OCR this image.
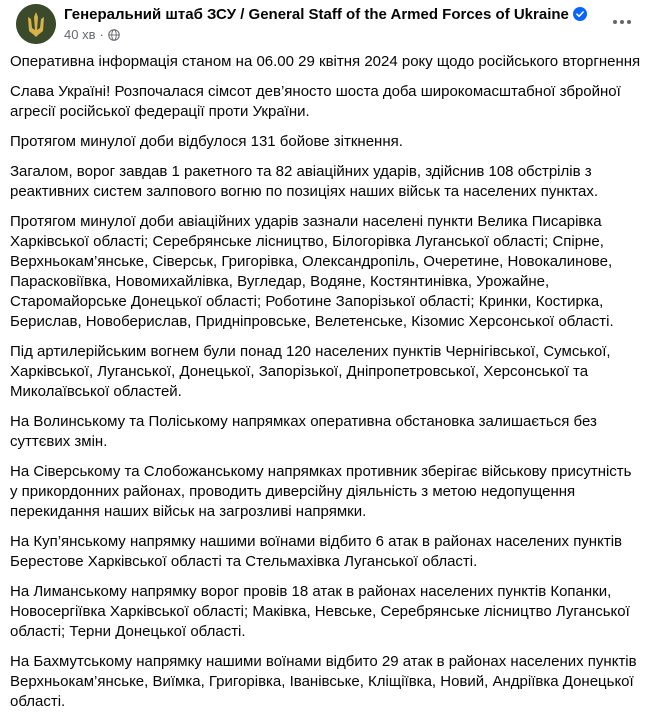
Генеральний штаб ЗСУ / General Staff of the Armed Forces of Ukraine
40 хв ·

Оперативна інформація станом на 06.00 29 квітня 2024 року щодо російського вторгнення

Слава Україні! Розпочалася сімсот дев’яносто шоста доба широкомасштабної збройної агресії російської федерації проти України.

Протягом минулої доби відбулося 131 бойове зіткнення.

Загалом, ворог завдав 1 ракетного та 82 авіаційних ударів, здійснив 108 обстрілів з реактивних систем залпового вогню по позиціях наших військ та населених пунктах.

Протягом минулої доби авіаційних ударів зазнали населені пункти Велика Писарівка Харківської області; Серебрянське лісництво, Білогорівка Луганської області; Спірне, Верхньокам’янське, Сіверськ, Григорівка, Олександропіль, Очеретине, Новокалинове, Парасковіївка, Новомихайлівка, Вугледар, Водяне, Костянтинівка, Урожайне, Старомайорське Донецької області; Роботине Запорізької області; Кринки, Костирка, Берислав, Новоберислав, Придніпровське, Велетенське, Кізомис Херсонської області.

Під артилерійським вогнем були понад 120 населених пунктів Чернігівської, Сумської, Харківської, Луганської, Донецької, Запорізької, Дніпропетровської, Херсонської та Миколаївської областей.

На Волинському та Поліському напрямках оперативна обстановка залишається без суттєвих змін.

На Сіверському та Слобожанському напрямках противник зберігає військову присутність у прикордонних районах, проводить диверсійну діяльність з метою недопущення перекидання наших військ на загрозливі напрямки.

На Куп’янському напрямку нашими воїнами відбито 6 атак в районах населених пунктів Берестове Харківської області та Стельмахівка Луганської області.

На Лиманському напрямку ворог провів 18 атак в районах населених пунктів Копанки, Новосергіївка Харківської області; Маківка, Невське, Серебрянське лісництво Луганської області; Терни Донецької області.

На Бахмутському напрямку нашими воїнами відбито 29 атак в районах населених пунктів Верхньокам’янське, Виїмка, Григорівка, Іванівське, Кліщіївка, Новий, Андріївка Донецької області.
